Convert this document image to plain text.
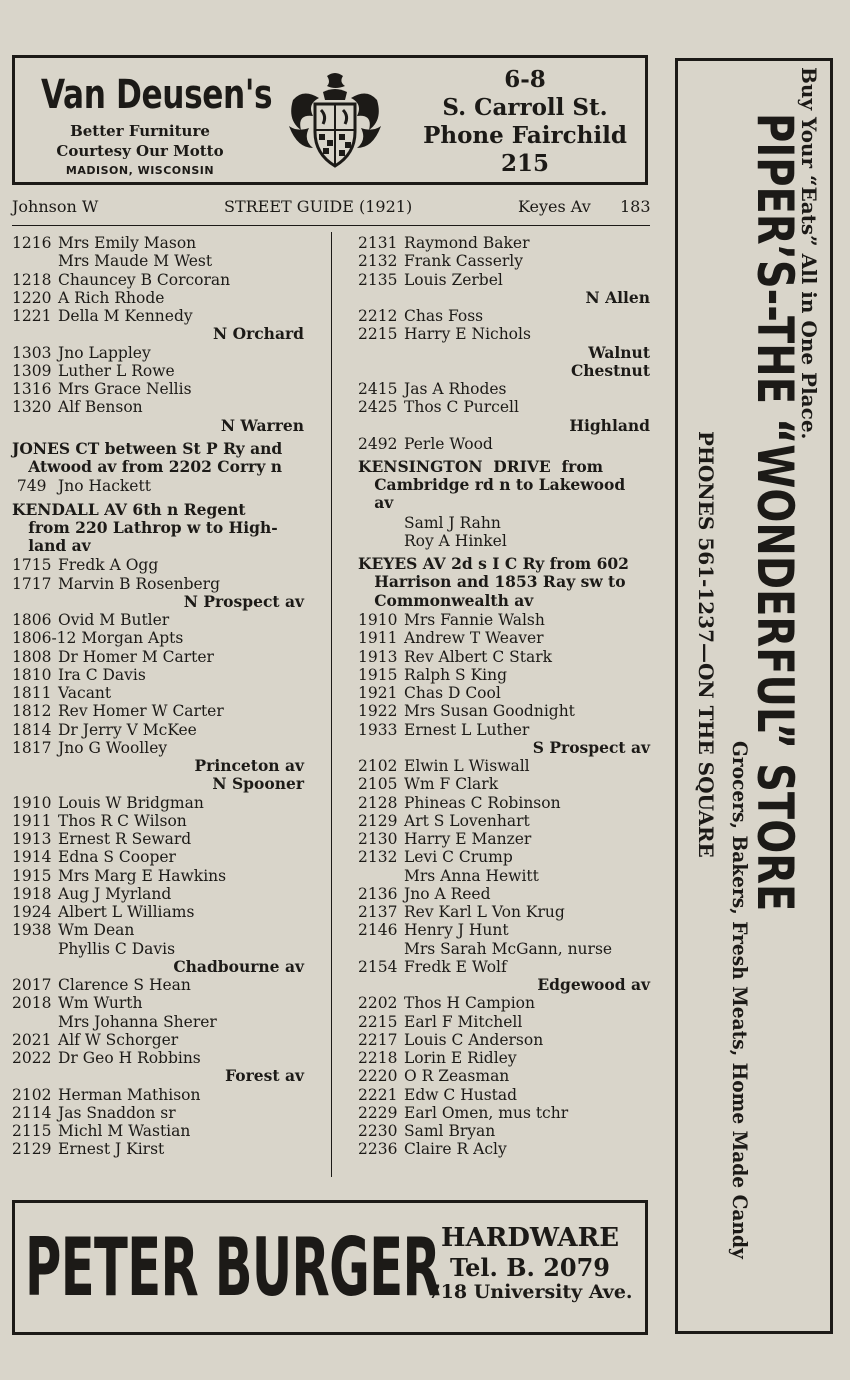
Van Deusen's
Better Furniture
Courtesy Our Motto
MADISON, WISCONSIN
6-8
S. Carroll St.
Phone Fairchild
215
Johnson W	STREET GUIDE (1921)	Keyes Av 183
1216 Mrs Emily Mason
Mrs Maude M West
1218 Chauncey B Corcoran
1220 A Rich Rhode
1221 Della M Kennedy
N Orchard
1303 Jno Lappley
1309 Luther L Rowe
1316 Mrs Grace Nellis
1320 Alf Benson
N Warren
JONES CT between St P Ry and
Atwood av from 2202 Corry n
749 Jno Hackett
KENDALL AV 6th n Regent
from 220 Lathrop w to High-
land av
1715 Fredk A Ogg
1717 Marvin B Rosenberg
N Prospect av
1806 Ovid M Butler
1806-12 Morgan Apts
1808 Dr Homer M Carter
1810 Ira C Davis
1811 Vacant
1812 Rev Homer W Carter
1814 Dr Jerry V McKee
1817 Jno G Woolley
Princeton av
N Spooner
1910 Louis W Bridgman
1911 Thos R C Wilson
1913 Ernest R Seward
1914 Edna S Cooper
1915 Mrs Marg E Hawkins
1918 Aug J Myrland
1924 Albert L Williams
1938 Wm Dean
Phyllis C Davis
Chadbourne av
2017 Clarence S Hean
2018 Wm Wurth
Mrs Johanna Sherer
2021 Alf W Schorger
2022 Dr Geo H Robbins
Forest av
2102 Herman Mathison
2114 Jas Snaddon sr
2115 Michl M Wastian
2129 Ernest J Kirst
2131 Raymond Baker
2132 Frank Casserly
2135 Louis Zerbel
N Allen
2212 Chas Foss
2215 Harry E Nichols
Walnut
Chestnut
2415 Jas A Rhodes
2425 Thos C Purcell
Highland
2492 Perle Wood
KENSINGTON  DRIVE  from
Cambridge rd n to Lakewood
av
Saml J Rahn
Roy A Hinkel
KEYES AV 2d s I C Ry from 602
Harrison and 1853 Ray sw to
Commonwealth av
1910 Mrs Fannie Walsh
1911 Andrew T Weaver
1913 Rev Albert C Stark
1915 Ralph S King
1921 Chas D Cool
1922 Mrs Susan Goodnight
1933 Ernest L Luther
S Prospect av
2102 Elwin L Wiswall
2105 Wm F Clark
2128 Phineas C Robinson
2129 Art S Lovenhart
2130 Harry E Manzer
2132 Levi C Crump
Mrs Anna Hewitt
2136 Jno A Reed
2137 Rev Karl L Von Krug
2146 Henry J Hunt
Mrs Sarah McGann, nurse
2154 Fredk E Wolf
Edgewood av
2202 Thos H Campion
2215 Earl F Mitchell
2217 Louis C Anderson
2218 Lorin E Ridley
2220 O R Zeasman
2221 Edw C Hustad
2229 Earl Omen, mus tchr
2230 Saml Bryan
2236 Claire R Acly
Buy Your “Eats” All in One Place.
PIPER’S--THE “WONDERFUL” STORE
PHONES 561-1237—ON THE SQUARE
Grocers, Bakers, Fresh Meats, Home Made Candy
PETER BURGER HARDWARE
Tel. B. 2079
718 University Ave.
